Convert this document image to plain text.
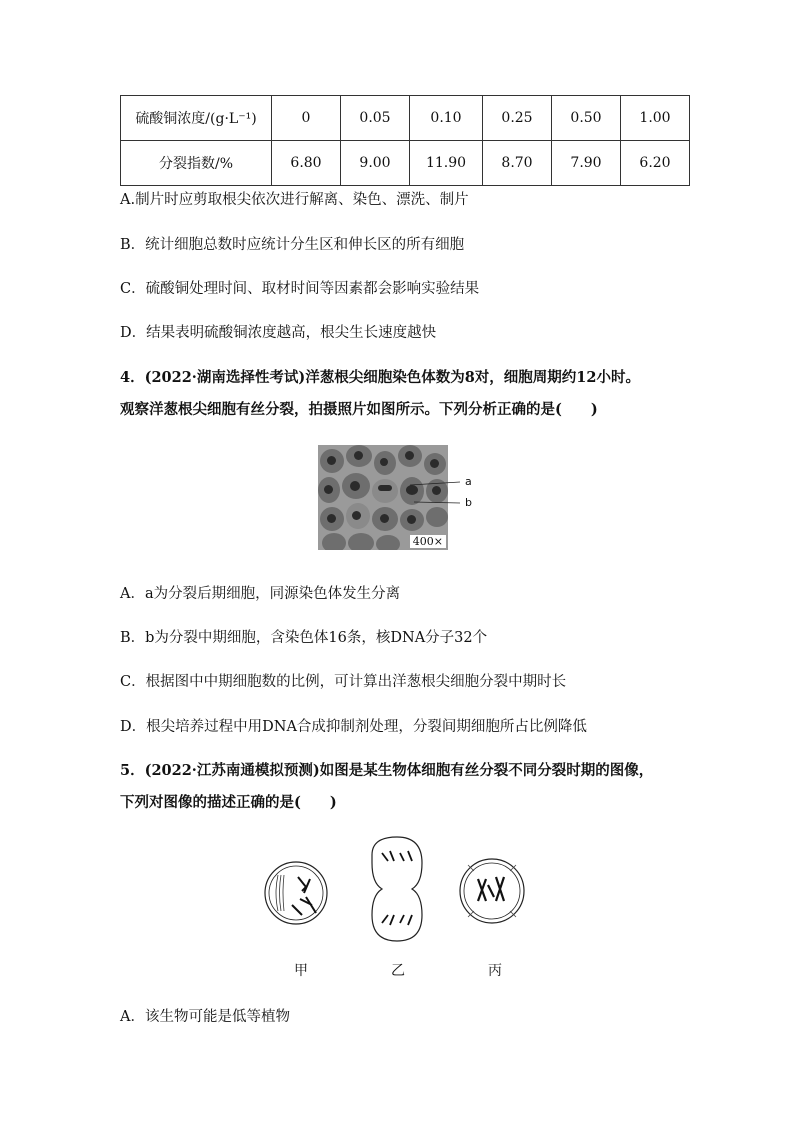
硫酸铜浓度/(g·L⁻¹)	0	0.05	0.10	0.25	0.50	1.00
分裂指数/%	6.80	9.00	11.90	8.70	7.90	6.20
A.制片时应剪取根尖依次进行解离、染色、漂洗、制片
B．统计细胞总数时应统计分生区和伸长区的所有细胞
C．硫酸铜处理时间、取材时间等因素都会影响实验结果
D．结果表明硫酸铜浓度越高，根尖生长速度越快
4．(2022·湖南选择性考试)洋葱根尖细胞染色体数为8对，细胞周期约12小时。
观察洋葱根尖细胞有丝分裂，拍摄照片如图所示。下列分析正确的是(　　)
400×
a
b
A．a为分裂后期细胞，同源染色体发生分离
B．b为分裂中期细胞，含染色体16条，核DNA分子32个
C．根据图中中期细胞数的比例，可计算出洋葱根尖细胞分裂中期时长
D．根尖培养过程中用DNA合成抑制剂处理，分裂间期细胞所占比例降低
5．(2022·江苏南通模拟预测)如图是某生物体细胞有丝分裂不同分裂时期的图像，
下列对图像的描述正确的是(　　)
甲	乙	丙
A．该生物可能是低等植物
